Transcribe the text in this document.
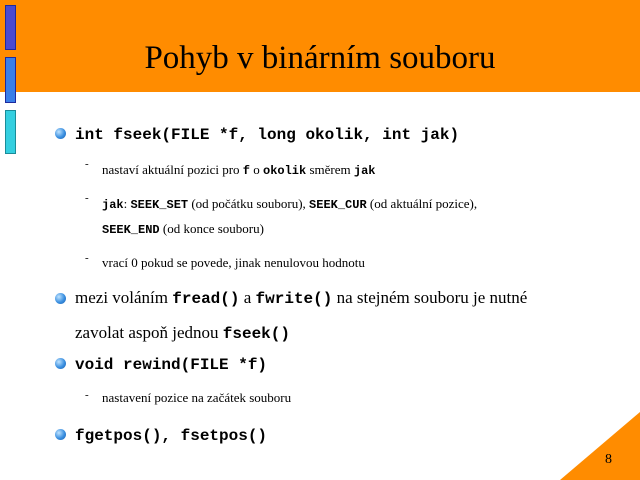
Pohyb v binárním souboru
int fseek(FILE *f, long okolik, int jak)
- nastaví aktuální pozici pro f o okolik směrem jak
- jak: SEEK_SET (od počátku souboru), SEEK_CUR (od aktuální pozice),
SEEK_END (od konce souboru)
- vrací 0 pokud se povede, jinak nenulovou hodnotu
mezi voláním fread() a fwrite() na stejném souboru je nutné
zavolat aspoň jednou fseek()
void rewind(FILE *f)
- nastavení pozice na začátek souboru
fgetpos(), fsetpos()
8
